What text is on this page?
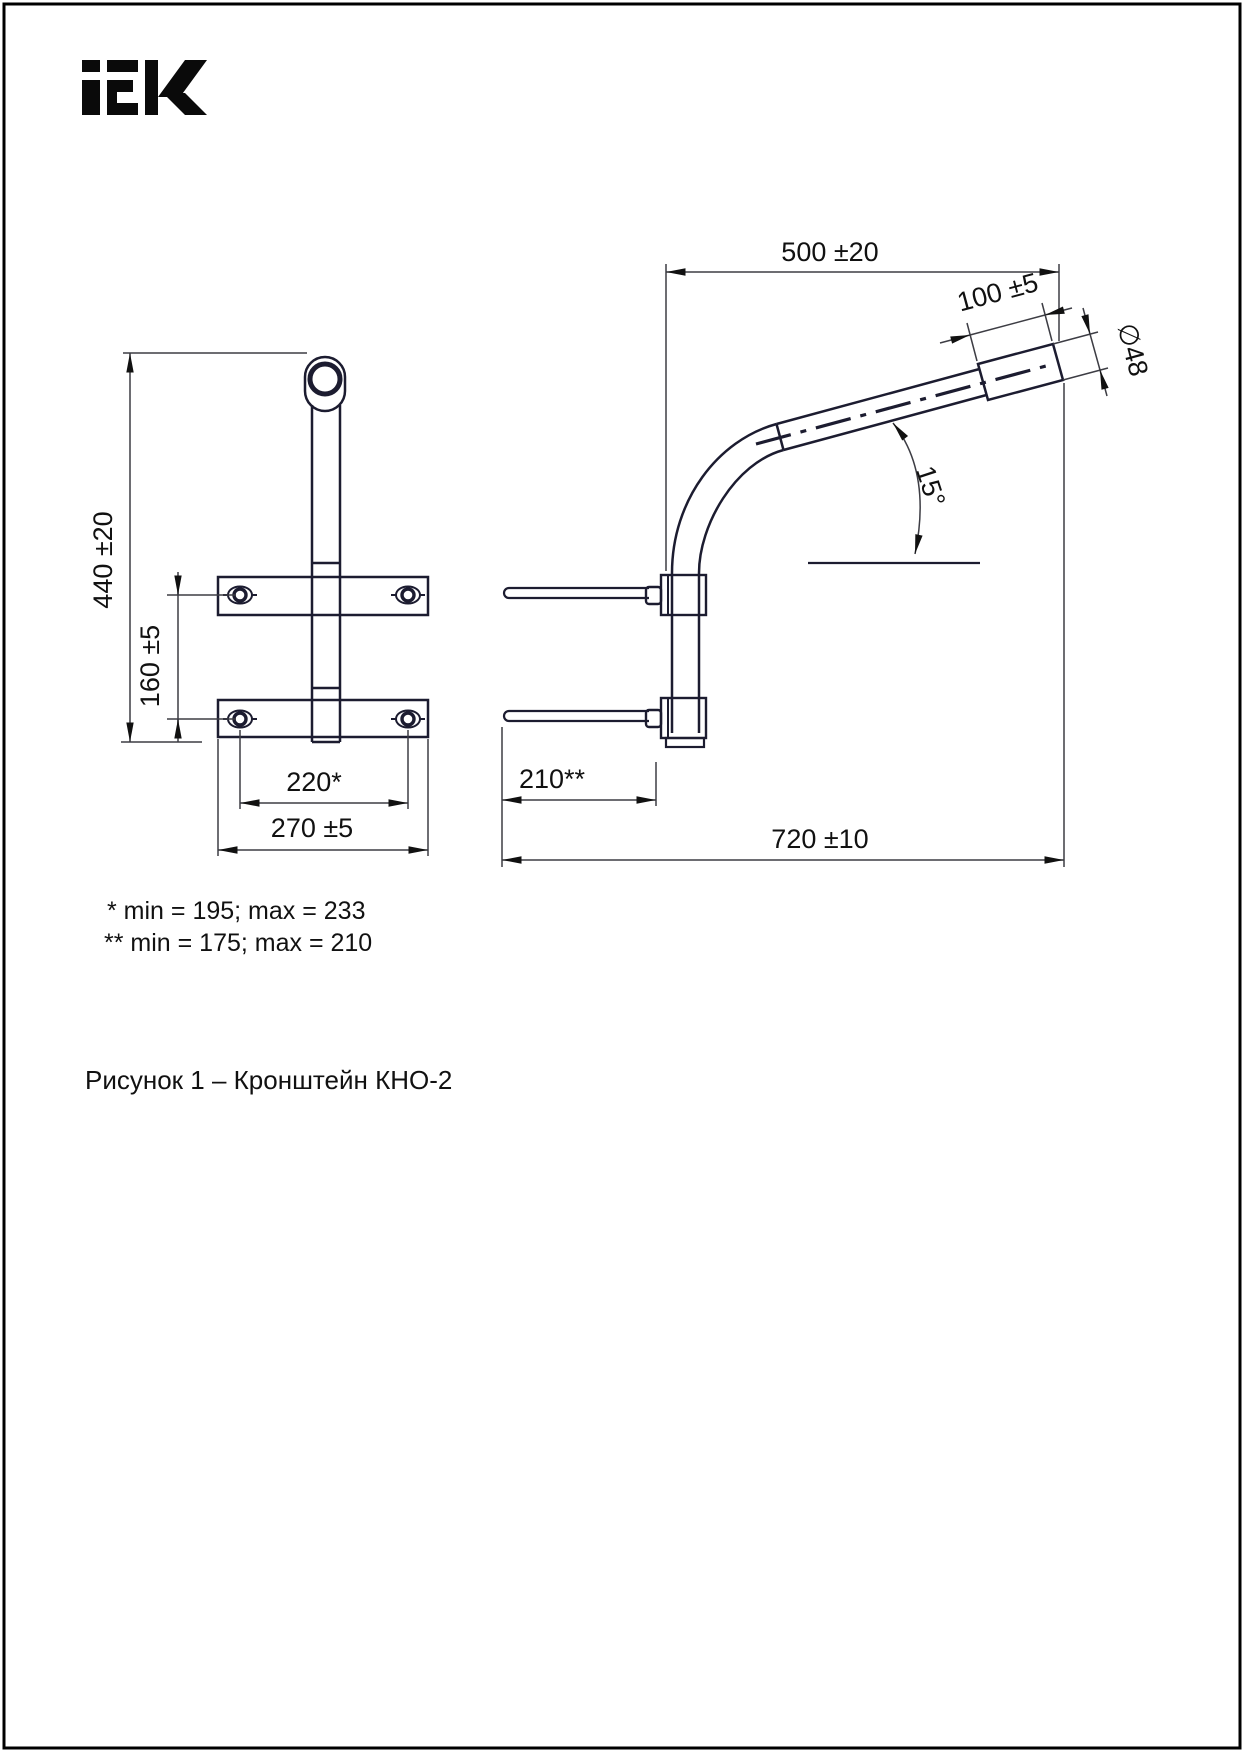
440 ±20
160 ±5
220*
270 ±5
500 ±20
100 ±5
∅48
15°
210**
720 ±10
* min = 195; max = 233
** min = 175; max = 210
Рисунок 1 – Кронштейн КНО-2
